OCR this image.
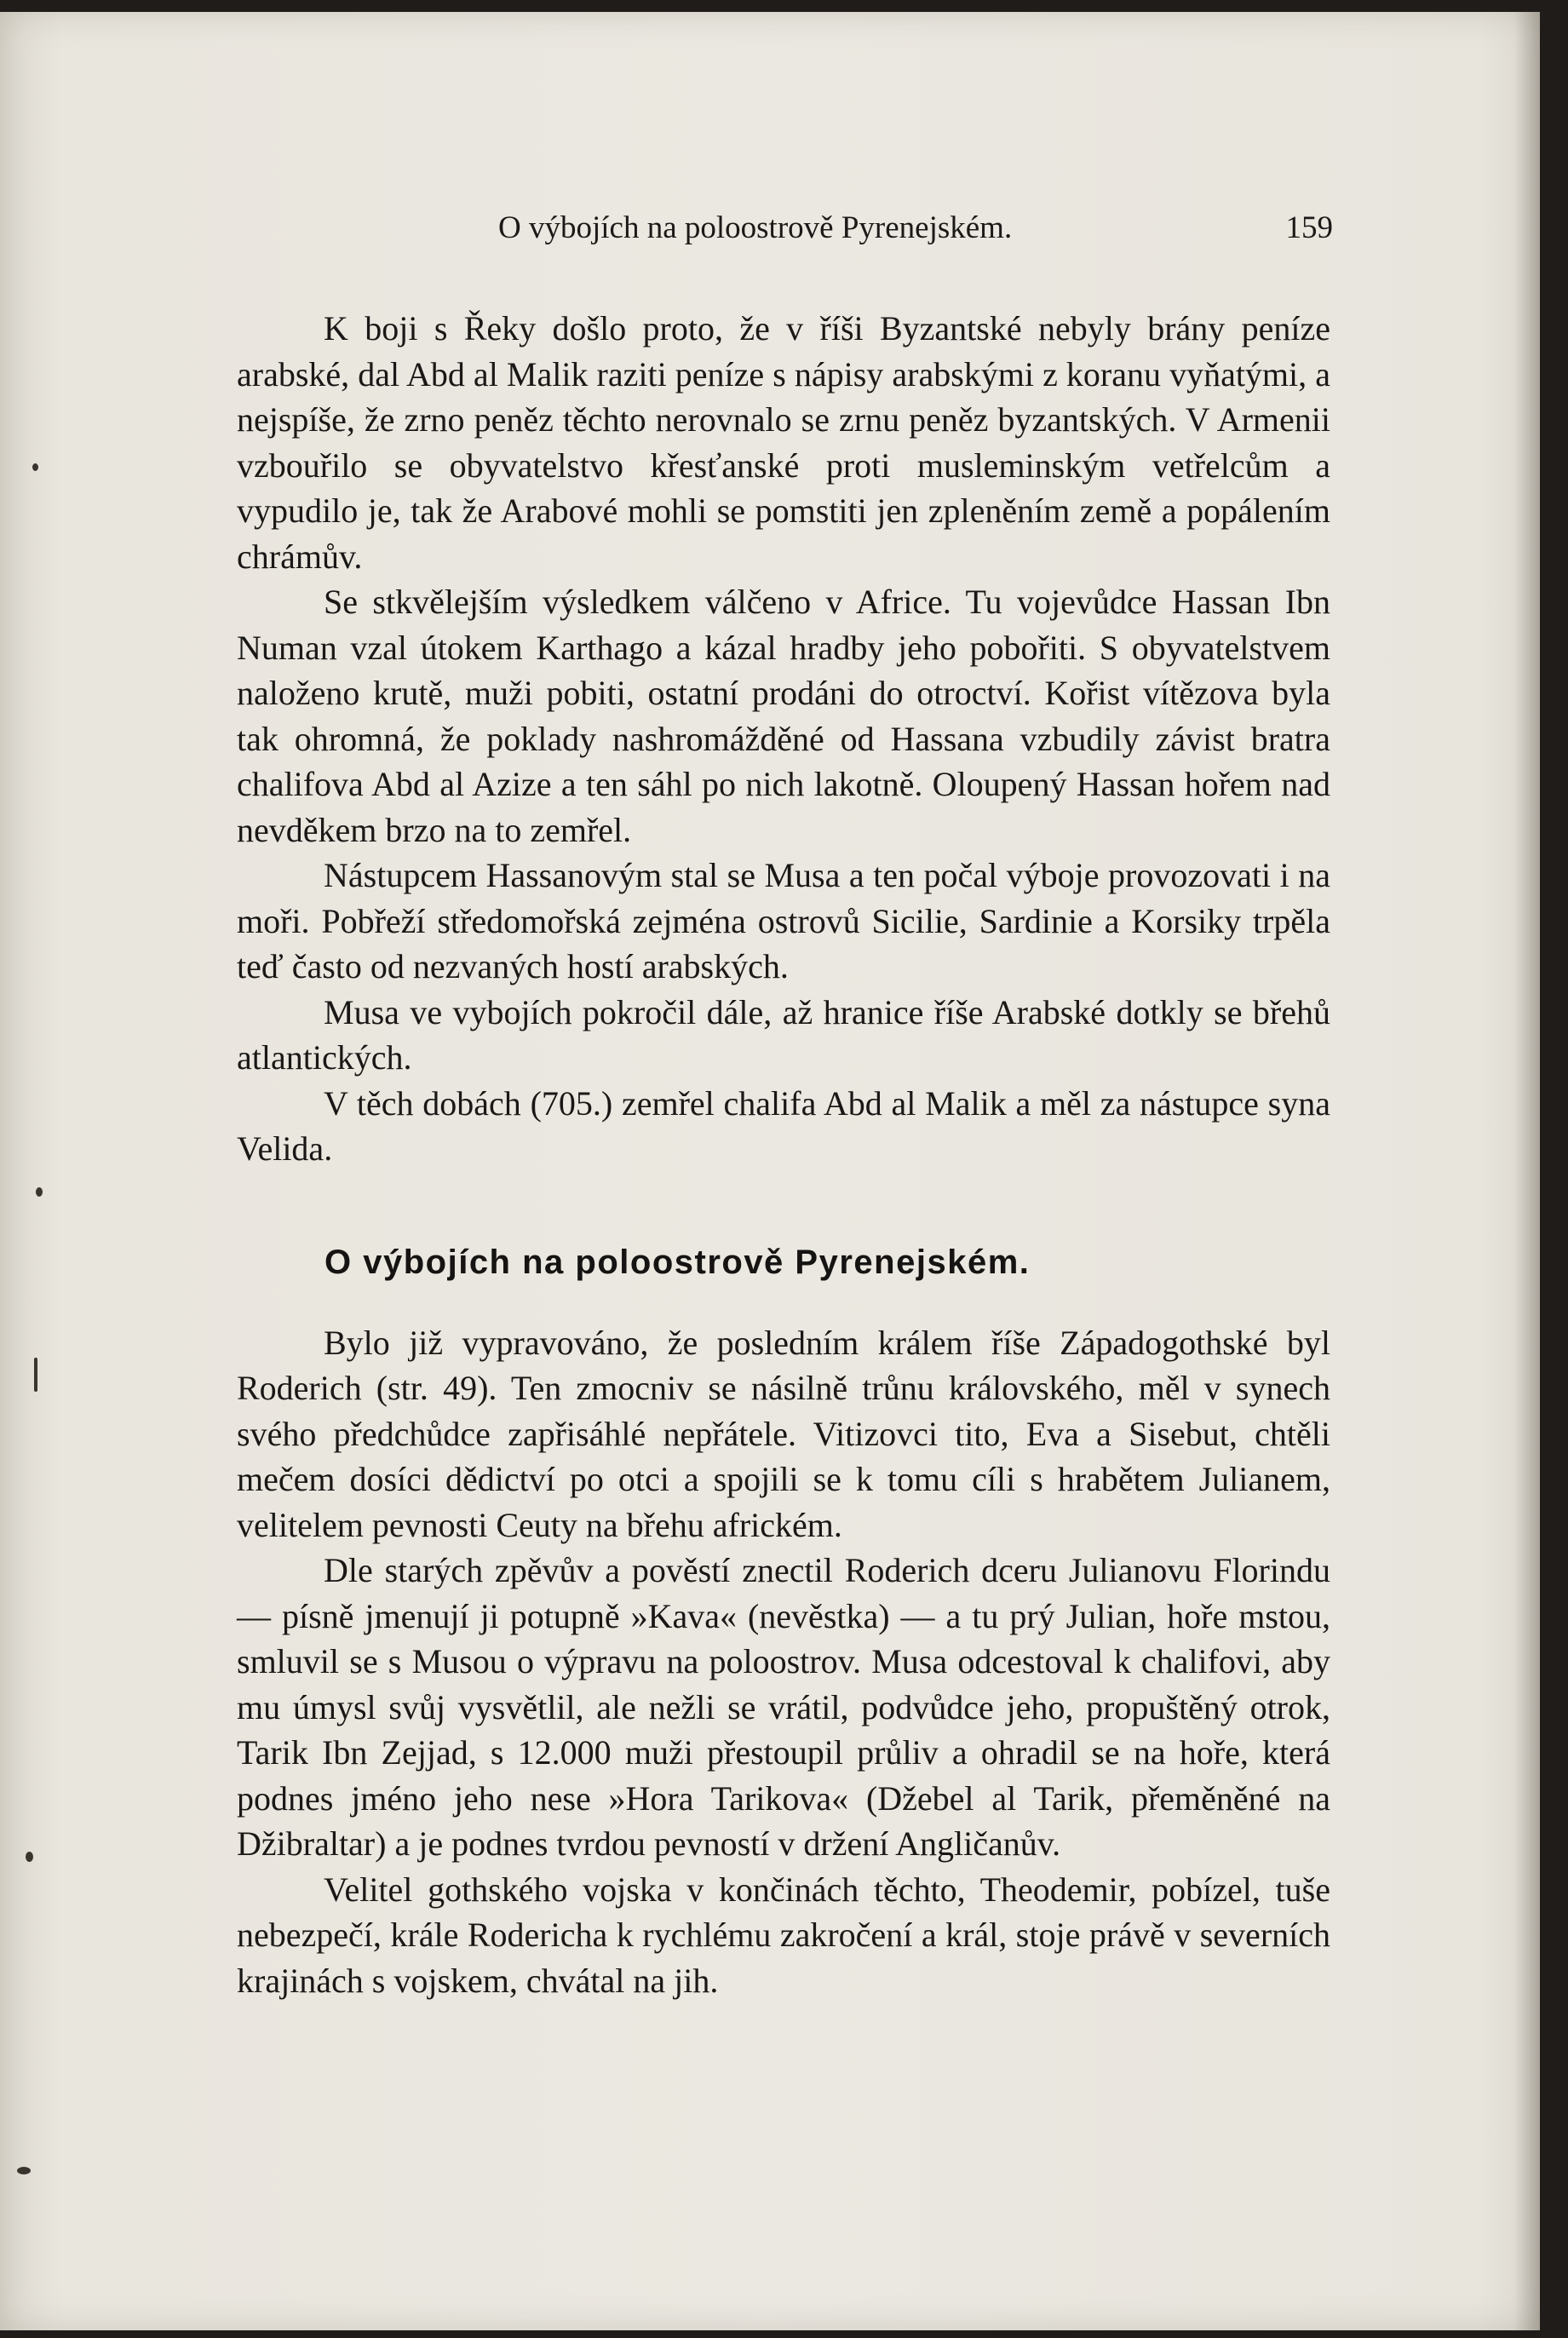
O výbojích na poloostrově Pyrenejském.	159

K boji s Řeky došlo proto, že v říši Byzantské nebyly brány peníze arabské, dal Abd al Malik raziti peníze s nápisy arabskými z koranu vyňatými, a nejspíše, že zrno peněz těchto nerovnalo se zrnu peněz byzantských. V Armenii vzbouřilo se obyvatelstvo křesťanské proti musleminským vetřelcům a vypudilo je, tak že Arabové mohli se pomstiti jen zpleněním země a popálením chrámův.

Se stkvělejším výsledkem válčeno v Africe. Tu vojevůdce Hassan Ibn Numan vzal útokem Karthago a kázal hradby jeho pobořiti. S obyvatelstvem naloženo krutě, muži pobiti, ostatní prodáni do otroctví. Kořist vítězova byla tak ohromná, že poklady nashromážděné od Hassana vzbudily závist bratra chalifova Abd al Azize a ten sáhl po nich lakotně. Oloupený Hassan hořem nad nevděkem brzo na to zemřel.

Nástupcem Hassanovým stal se Musa a ten počal výboje provozovati i na moři. Pobřeží středomořská zejména ostrovů Sicilie, Sardinie a Korsiky trpěla teď často od nezvaných hostí arabských.

Musa ve vybojích pokročil dále, až hranice říše Arabské dotkly se břehů atlantických.

V těch dobách (705.) zemřel chalifa Abd al Malik a měl za nástupce syna Velida.

O výbojích na poloostrově Pyrenejském.

Bylo již vypravováno, že posledním králem říše Západogothské byl Roderich (str. 49). Ten zmocniv se násilně trůnu královského, měl v synech svého předchůdce zapřisáhlé nepřátele. Vitizovci tito, Eva a Sisebut, chtěli mečem dosíci dědictví po otci a spojili se k tomu cíli s hrabětem Julianem, velitelem pevnosti Ceuty na břehu africkém.

Dle starých zpěvův a pověstí znectil Roderich dceru Julianovu Florindu — písně jmenují ji potupně »Kava« (nevěstka) — a tu prý Julian, hoře mstou, smluvil se s Musou o výpravu na poloostrov. Musa odcestoval k chalifovi, aby mu úmysl svůj vysvětlil, ale nežli se vrátil, podvůdce jeho, propuštěný otrok, Tarik Ibn Zejjad, s 12.000 muži přestoupil průliv a ohradil se na hoře, která podnes jméno jeho nese »Hora Tarikova« (Džebel al Tarik, přeměněné na Džibraltar) a je podnes tvrdou pevností v držení Angličanův.

Velitel gothského vojska v končinách těchto, Theodemir, pobízel, tuše nebezpečí, krále Rodericha k rychlému zakročení a král, stoje právě v severních krajinách s vojskem, chvátal na jih.
